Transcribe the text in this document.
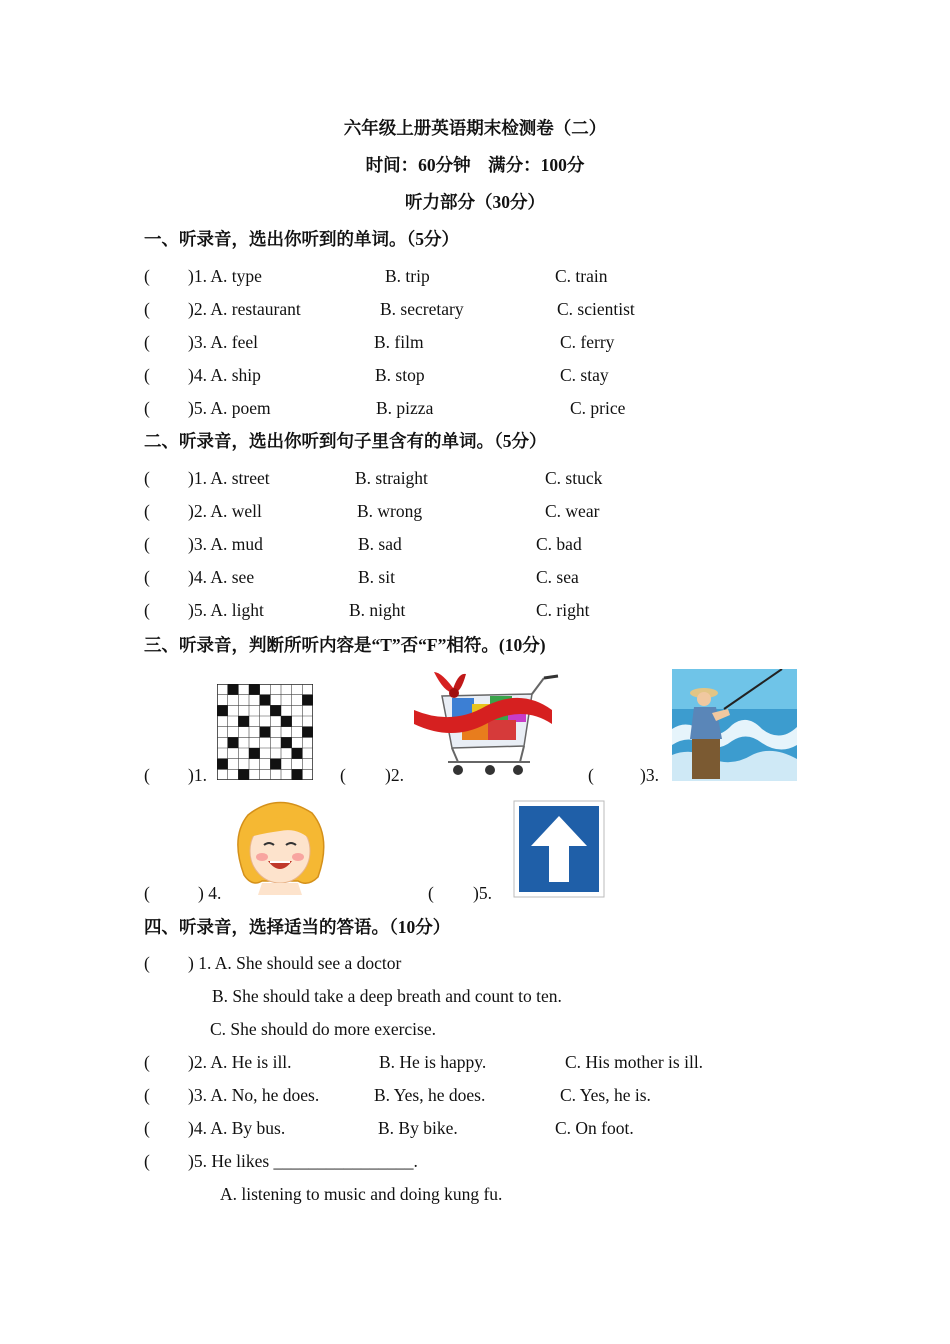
六年级上册英语期末检测卷（二）
时间：60分钟　满分：100分
听力部分（30分）
一、听录音，选出你听到的单词。（5分）
( )1. A. type	B. trip	C. train
( )2. A. restaurant	B. secretary	C. scientist
( )3. A. feel	B. film	C. ferry
( )4. A. ship	B. stop	C. stay
( )5. A. poem	B. pizza	C. price
二、听录音，选出你听到句子里含有的单词。（5分）
( )1. A. street	B. straight	C. stuck
( )2. A. well	B. wrong	C. wear
( )3. A. mud	B. sad	C. bad
( )4. A. see	B. sit	C. sea
( )5. A. light	B. night	C. right
三、听录音，判断所听内容是“T”否“F”相符。(10分)
( )1.	( )2.	(	)3.
(	) 4.	( )5.
四、听录音，选择适当的答语。（10分）
( ) 1. A. She should see a doctor
B. She should take a deep breath and count to ten.
C. She should do more exercise.
( )2. A. He is ill.	B. He is happy.	C. His mother is ill.
( )3. A. No, he does.	B. Yes, he does.	C. Yes, he is.
( )4. A. By bus.	B. By bike.	C. On foot.
( )5. He likes ________________.
A. listening to music and doing kung fu.
